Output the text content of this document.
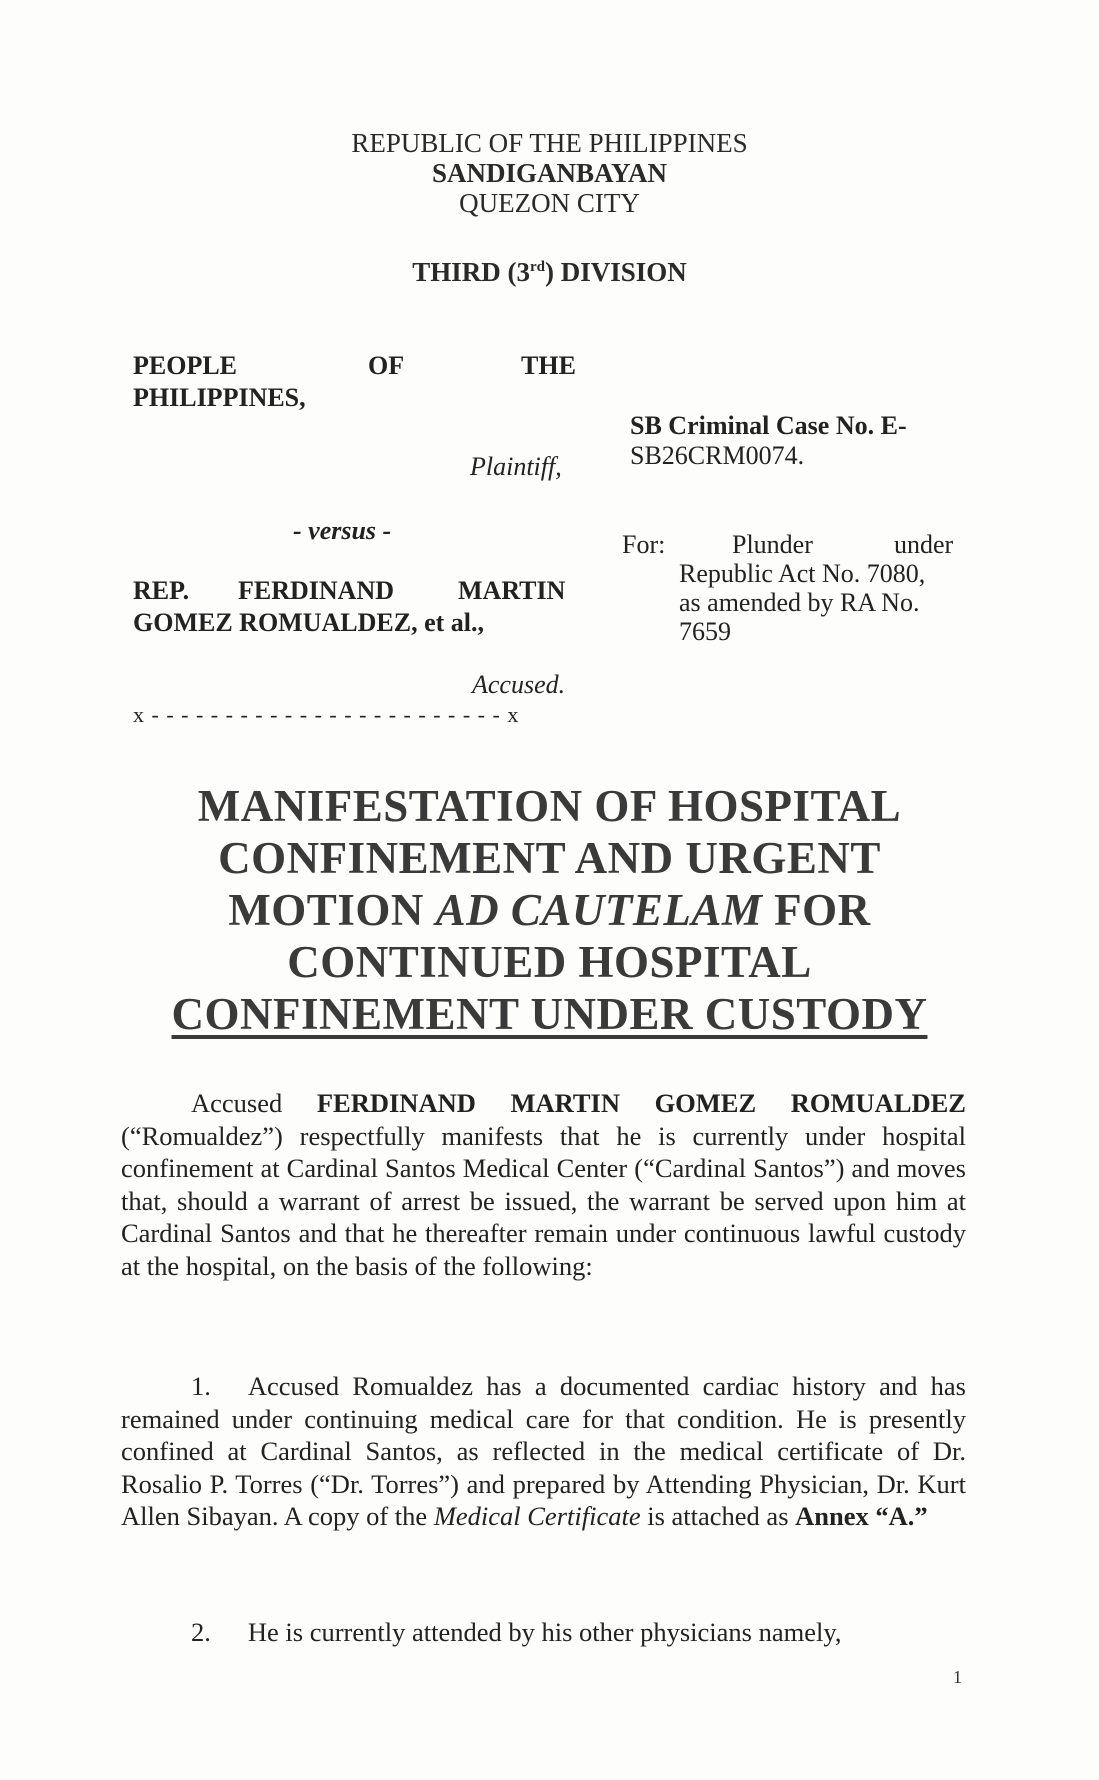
REPUBLIC OF THE PHILIPPINES
SANDIGANBAYAN
QUEZON CITY
THIRD (3rd) DIVISION
PEOPLE	OF	THE
PHILIPPINES,
Plaintiff,
- versus -
REP. FERDINAND MARTIN
GOMEZ ROMUALDEZ, et al.,
Accused.
x - - - - - - - - - - - - - - - - - - - - - - - - x
SB Criminal Case No. E-
SB26CRM0074.
For:	Plunder	under
Republic Act No. 7080,
as amended by RA No.
7659
MANIFESTATION OF HOSPITAL
CONFINEMENT AND URGENT
MOTION AD CAUTELAM FOR
CONTINUED HOSPITAL
CONFINEMENT UNDER CUSTODY
Accused FERDINAND MARTIN GOMEZ ROMUALDEZ (“Romualdez”) respectfully manifests that he is currently under hospital confinement at Cardinal Santos Medical Center (“Cardinal Santos”) and moves that, should a warrant of arrest be issued, the warrant be served upon him at Cardinal Santos and that he thereafter remain under continuous lawful custody at the hospital, on the basis of the following:
1. Accused Romualdez has a documented cardiac history and has remained under continuing medical care for that condition. He is presently confined at Cardinal Santos, as reflected in the medical certificate of Dr. Rosalio P. Torres (“Dr. Torres”) and prepared by Attending Physician, Dr. Kurt Allen Sibayan. A copy of the Medical Certificate is attached as Annex “A.”
2. He is currently attended by his other physicians namely,
1
